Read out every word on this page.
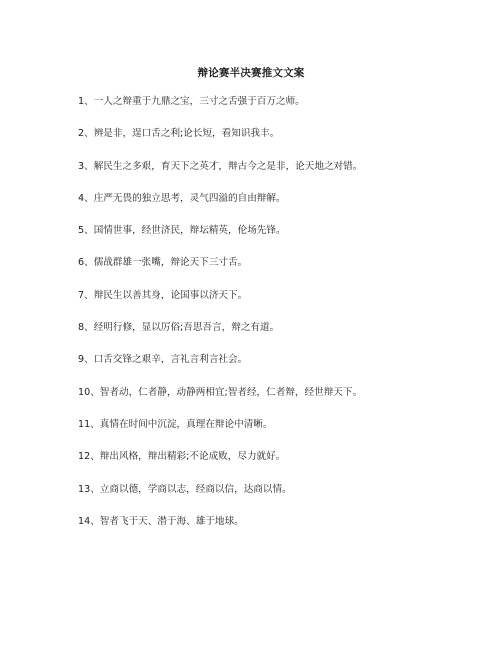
辩论赛半决赛推文文案
1、一人之辩重于九鼎之宝，三寸之舌强于百万之师。
2、辨是非，逞口舌之利;论长短，看知识我丰。
3、解民生之多艰，育天下之英才，辩古今之是非，论天地之对错。
4、庄严无畏的独立思考，灵气四溢的自由辩解。
5、国情世事，经世济民，辩坛精英，伦场先锋。
6、儒战群雄一张嘴，辩论天下三寸舌。
7、辩民生以善其身，论国事以济天下。
8、经明行修，显以厉俗;吾思吾言，辩之有道。
9、口舌交锋之艰辛，言礼言利言社会。
10、智者动，仁者静，动静两相宜;智者经，仁者辩，经世辩天下。
11、真情在时间中沉淀，真理在辩论中清晰。
12、辩出风格，辩出精彩;不论成败，尽力就好。
13、立商以德，学商以志，经商以信，达商以情。
14、智者飞于天、潜于海、雄于地球。
